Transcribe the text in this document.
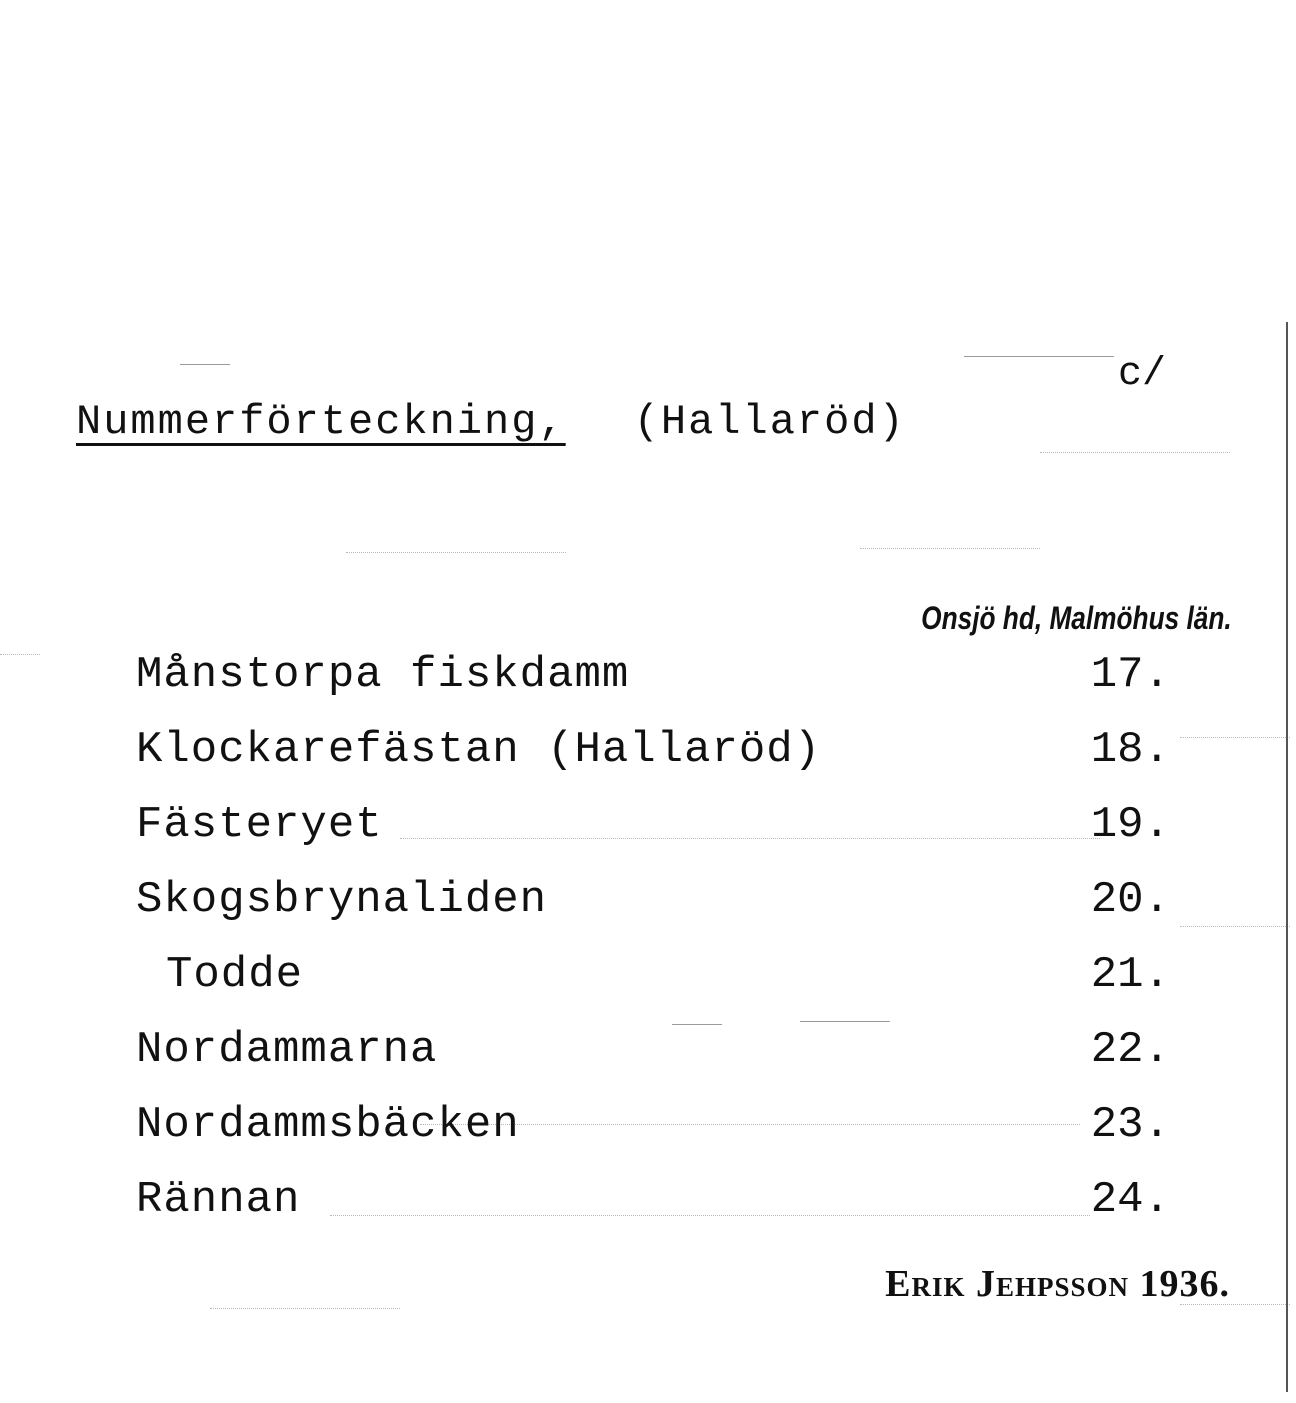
Nummerförteckning, (Hallaröd)
c/
Onsjö hd, Malmöhus län.
Månstorpa fiskdamm	17.
Klockarefästan (Hallaröd)	18.
Fästeryet	19.
Skogsbrynaliden	20.
Todde	21.
Nordammarna	22.
Nordammsbäcken	23.
Rännan	24.
Erik Jehpsson 1936.
